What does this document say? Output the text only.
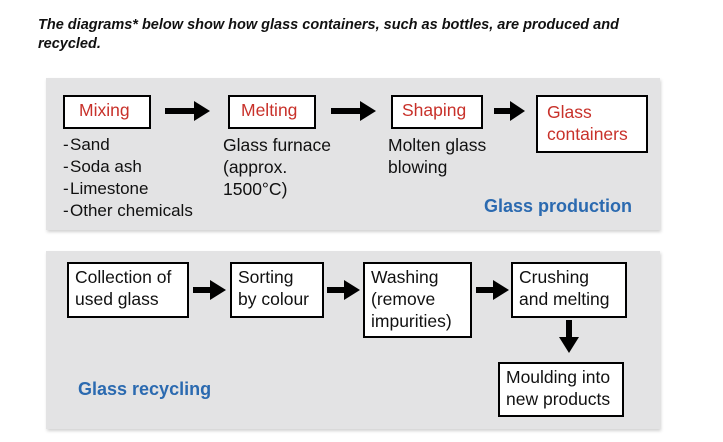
The diagrams* below show how glass containers, such as bottles, are produced and recycled.
Mixing	Melting	Shaping	Glass containers
- Sand
- Soda ash
- Limestone
- Other chemicals
Glass furnace (approx. 1500°C)
Molten glass blowing
Glass production
Collection of used glass
Sorting by colour
Washing (remove impurities)
Crushing and melting
Moulding into new products
Glass recycling
